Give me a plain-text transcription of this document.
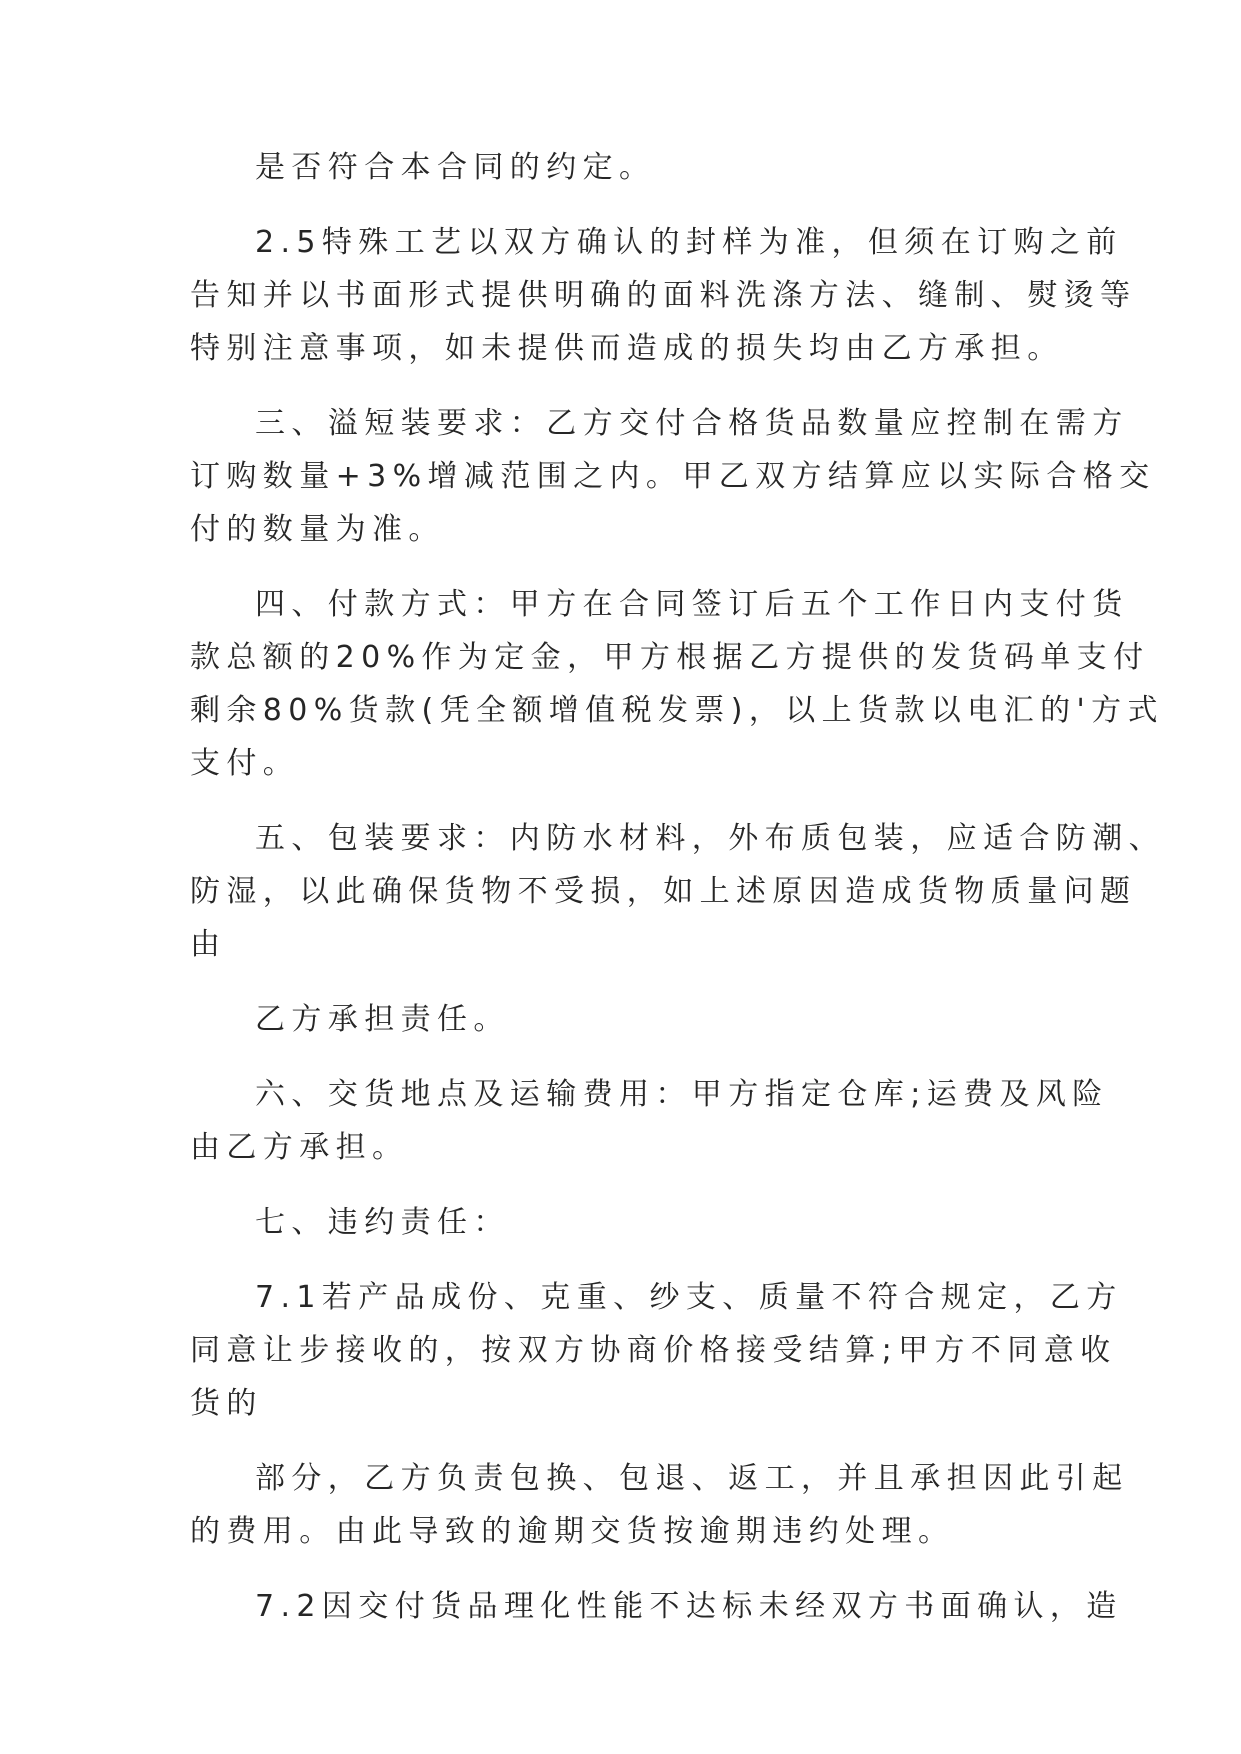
是否符合本合同的约定。
2.5特殊工艺以双方确认的封样为准，但须在订购之前
告知并以书面形式提供明确的面料洗涤方法、缝制、熨烫等
特别注意事项，如未提供而造成的损失均由乙方承担。
三、溢短装要求：乙方交付合格货品数量应控制在需方
订购数量+3%增减范围之内。甲乙双方结算应以实际合格交
付的数量为准。
四、付款方式：甲方在合同签订后五个工作日内支付货
款总额的20%作为定金，甲方根据乙方提供的发货码单支付
剩余80%货款(凭全额增值税发票)，以上货款以电汇的'方式
支付。
五、包装要求：内防水材料，外布质包装，应适合防潮、
防湿，以此确保货物不受损，如上述原因造成货物质量问题
由
乙方承担责任。
六、交货地点及运输费用：甲方指定仓库;运费及风险
由乙方承担。
七、违约责任：
7.1若产品成份、克重、纱支、质量不符合规定，乙方
同意让步接收的，按双方协商价格接受结算;甲方不同意收
货的
部分，乙方负责包换、包退、返工，并且承担因此引起
的费用。由此导致的逾期交货按逾期违约处理。
7.2因交付货品理化性能不达标未经双方书面确认，造
